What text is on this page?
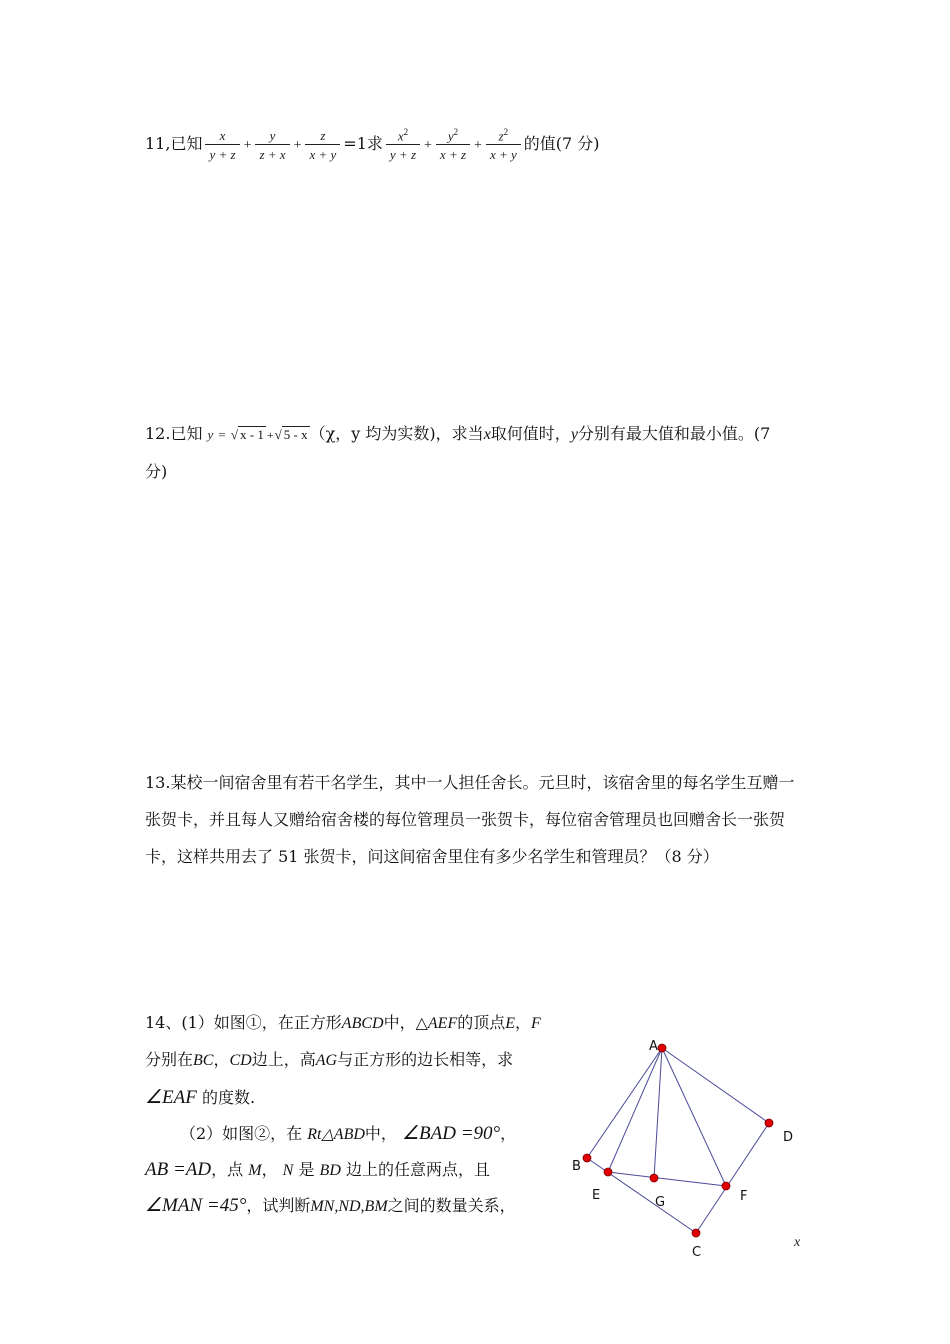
11,已知 $\frac{x}{y + z} + \frac{y}{z + x} + \frac{z}{x + y} =1$求 $\frac{x^2}{y + z} + \frac{y^2}{x + z} + \frac{z^2}{x + y}$ 的值(7 分)
12.已知 y = √ x - 1 +√ 5 - x （χ，y 均为实数)，求当x取何值时，y分别有最大值和最小值。(7
分)
13.某校一间宿舍里有若干名学生，其中一人担任舍长。元旦时，该宿舍里的每名学生互赠一
张贺卡，并且每人又赠给宿舍楼的每位管理员一张贺卡，每位宿舍管理员也回赠舍长一张贺
卡，这样共用去了 51 张贺卡，问这间宿舍里住有多少名学生和管理员？（8 分）
14、(1）如图①，在正方形ABCD中，△AEF的顶点E，F
分别在BC，CD边上，高AG与正方形的边长相等，求
∠EAF 的度数.
（2）如图②，在 Rt△ABD中， ∠BAD =90°，
AB =AD，点 M， N 是 BD 边上的任意两点，且
∠MAN =45°，试判断MN,ND,BM之间的数量关系，
A
B
D
E	G	F
C
x
